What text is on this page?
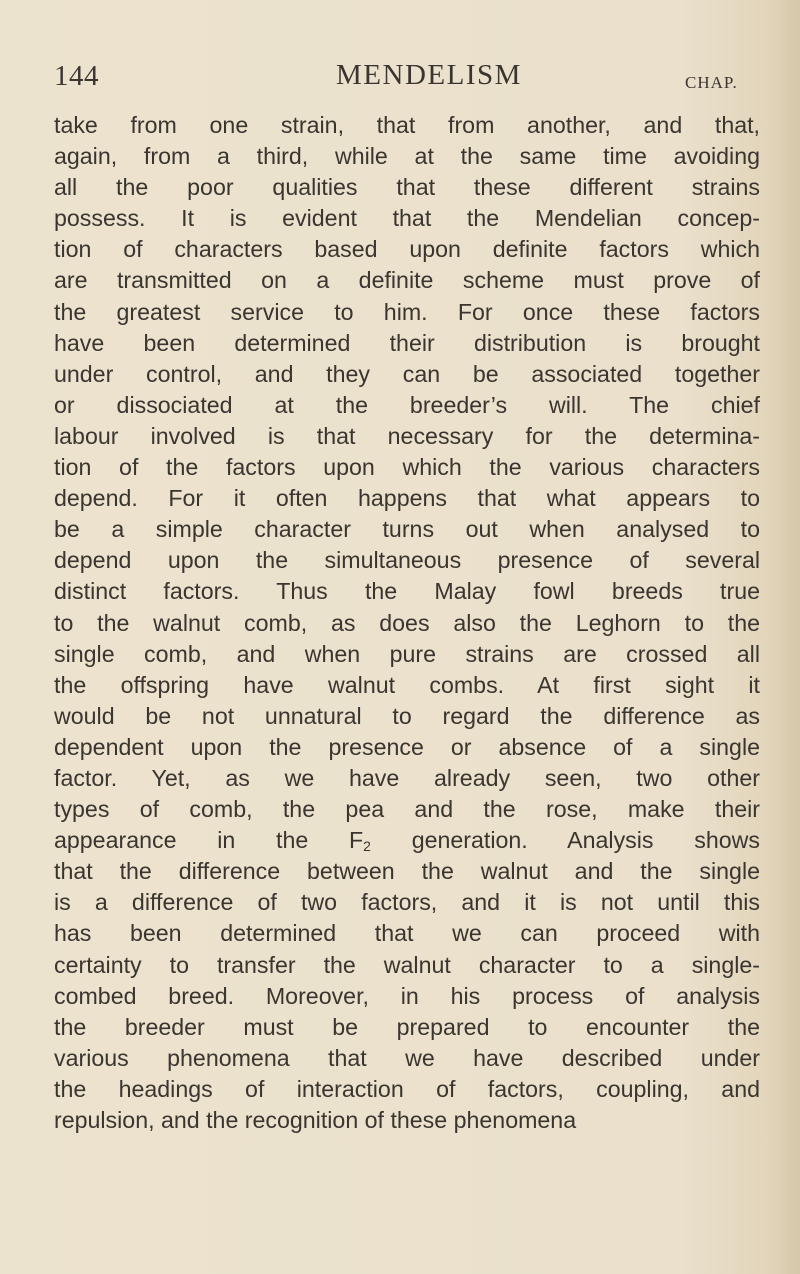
144	MENDELISM	CHAP.
take from one strain, that from another, and that,
again, from a third, while at the same time avoiding
all the poor qualities that these different strains
possess. It is evident that the Mendelian concep-
tion of characters based upon definite factors which
are transmitted on a definite scheme must prove of
the greatest service to him. For once these factors
have been determined their distribution is brought
under control, and they can be associated together
or dissociated at the breeder’s will. The chief
labour involved is that necessary for the determina-
tion of the factors upon which the various characters
depend. For it often happens that what appears to
be a simple character turns out when analysed to
depend upon the simultaneous presence of several
distinct factors. Thus the Malay fowl breeds true
to the walnut comb, as does also the Leghorn to the
single comb, and when pure strains are crossed all
the offspring have walnut combs. At first sight it
would be not unnatural to regard the difference as
dependent upon the presence or absence of a single
factor. Yet, as we have already seen, two other
types of comb, the pea and the rose, make their
appearance in the $F_2$ generation. Analysis shows
that the difference between the walnut and the single
is a difference of two factors, and it is not until this
has been determined that we can proceed with
certainty to transfer the walnut character to a single-
combed breed. Moreover, in his process of analysis
the breeder must be prepared to encounter the
various phenomena that we have described under
the headings of interaction of factors, coupling, and
repulsion, and the recognition of these phenomena
